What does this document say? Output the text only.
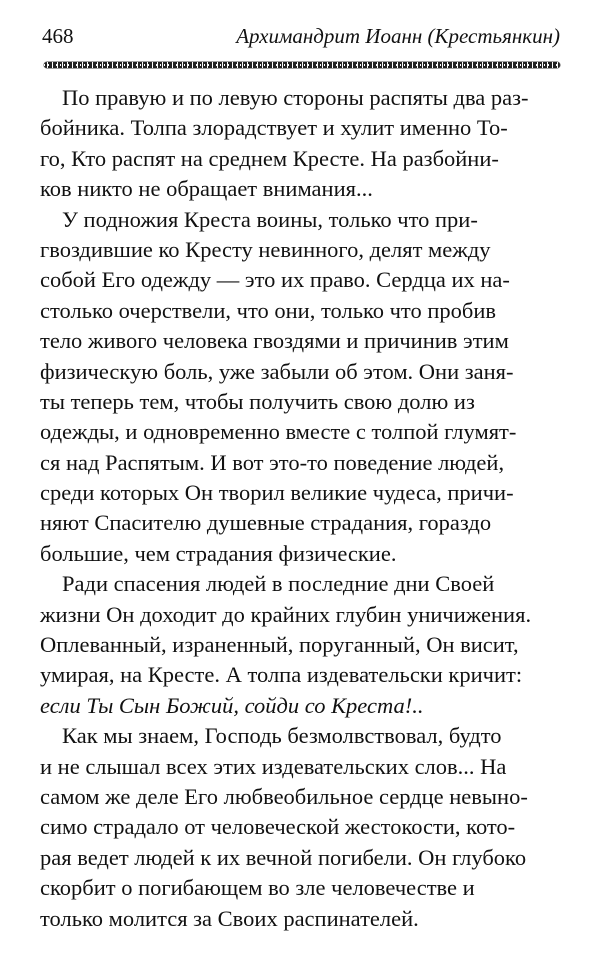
468	Архимандрит Иоанн (Крестьянкин)
По правую и по левую стороны распяты два раз-
бойника. Толпа злорадствует и хулит именно То-
го, Кто распят на среднем Кресте. На разбойни-
ков никто не обращает внимания...
У подножия Креста воины, только что при-
гвоздившие ко Кресту невинного, делят между
собой Его одежду — это их право. Сердца их на-
столько очерствели, что они, только что пробив
тело живого человека гвоздями и причинив этим
физическую боль, уже забыли об этом. Они заня-
ты теперь тем, чтобы получить свою долю из
одежды, и одновременно вместе с толпой глумят-
ся над Распятым. И вот это-то поведение людей,
среди которых Он творил великие чудеса, причи-
няют Спасителю душевные страдания, гораздо
большие, чем страдания физические.
Ради спасения людей в последние дни Своей
жизни Он доходит до крайних глубин уничижения.
Оплеванный, израненный, поруганный, Он висит,
умирая, на Кресте. А толпа издевательски кричит:
если Ты Сын Божий, сойди со Креста!..
Как мы знаем, Господь безмолвствовал, будто
и не слышал всех этих издевательских слов... На
самом же деле Его любвеобильное сердце невыно-
симо страдало от человеческой жестокости, кото-
рая ведет людей к их вечной погибели. Он глубоко
скорбит о погибающем во зле человечестве и
только молится за Своих распинателей.
